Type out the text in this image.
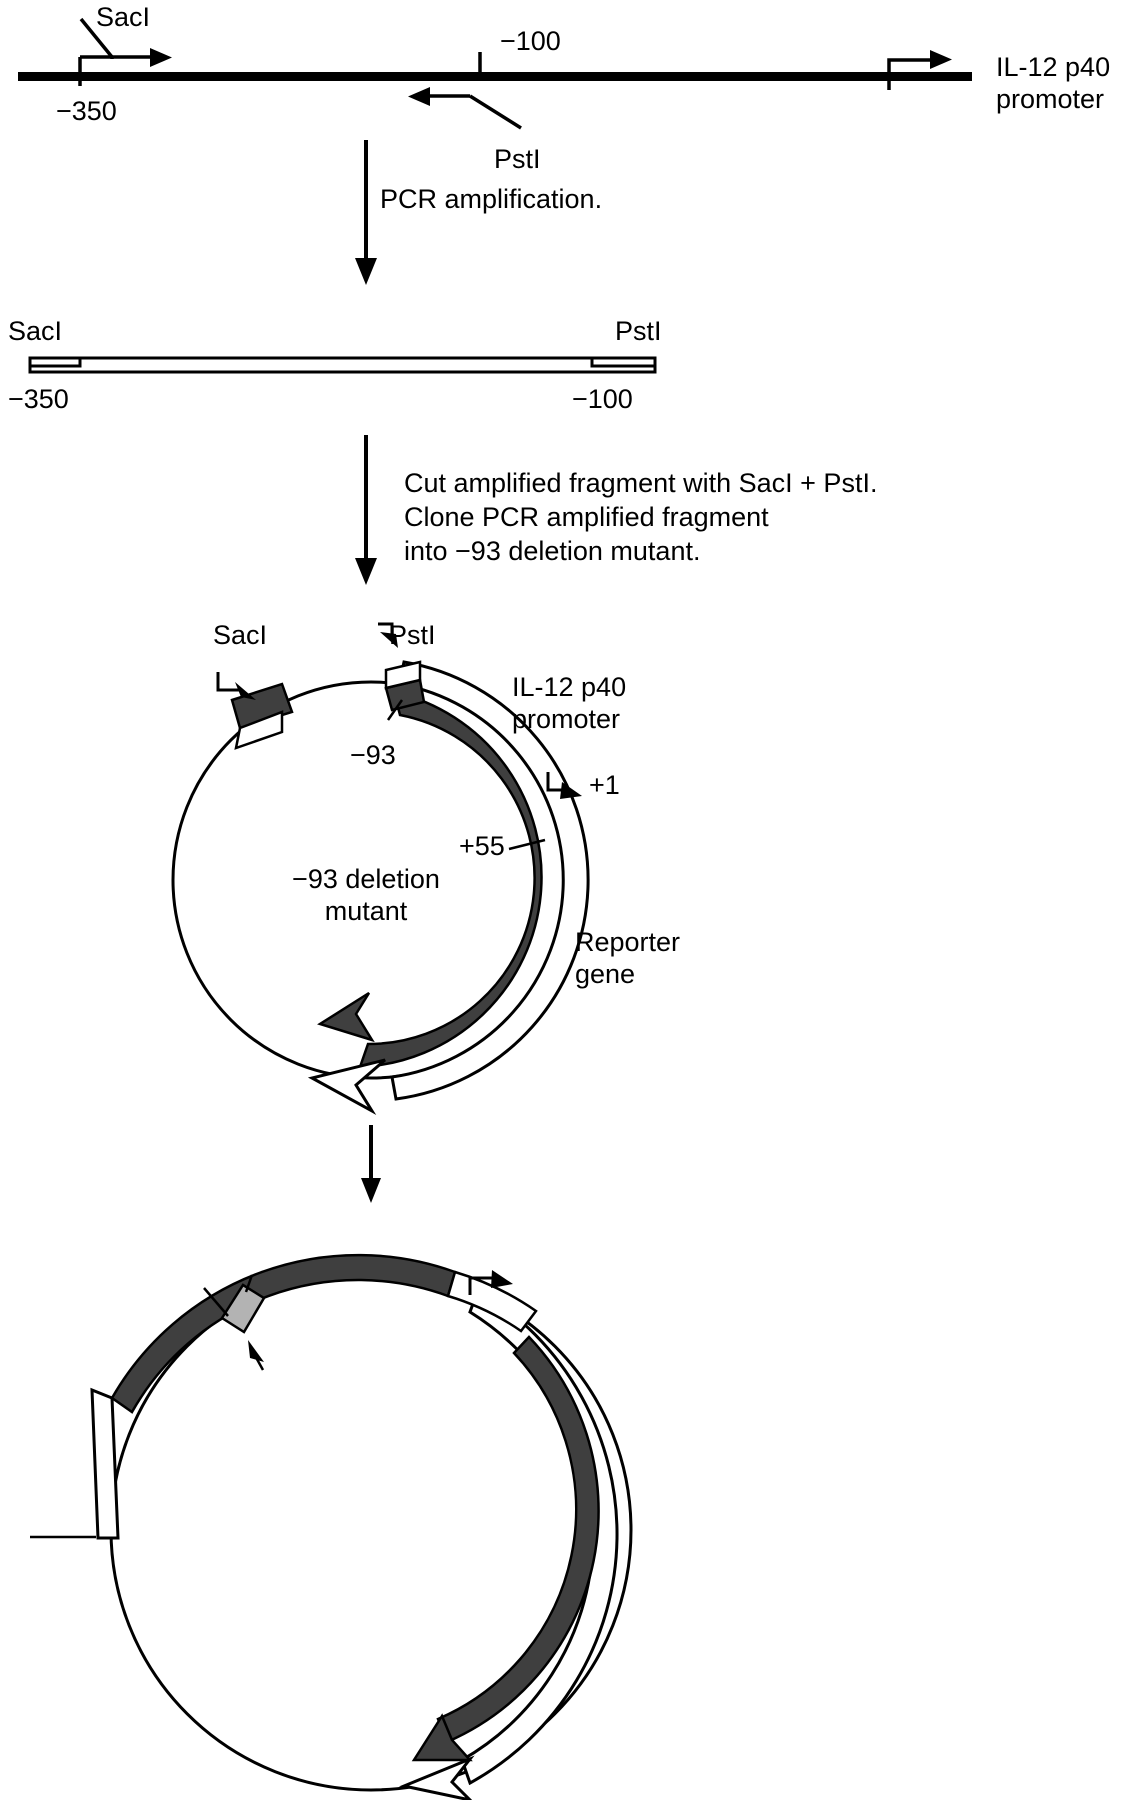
SacI
−100
−350
PstI
IL-12 p40
promoter
PCR amplification.
SacI	PstI
−350	−100
Cut amplified fragment with SacI + PstI.
Clone PCR amplified fragment
into −93 deletion mutant.
SacI	PstI
−93
IL-12 p40
promoter
+1
+55
Reporter
gene
−93 deletion
mutant
